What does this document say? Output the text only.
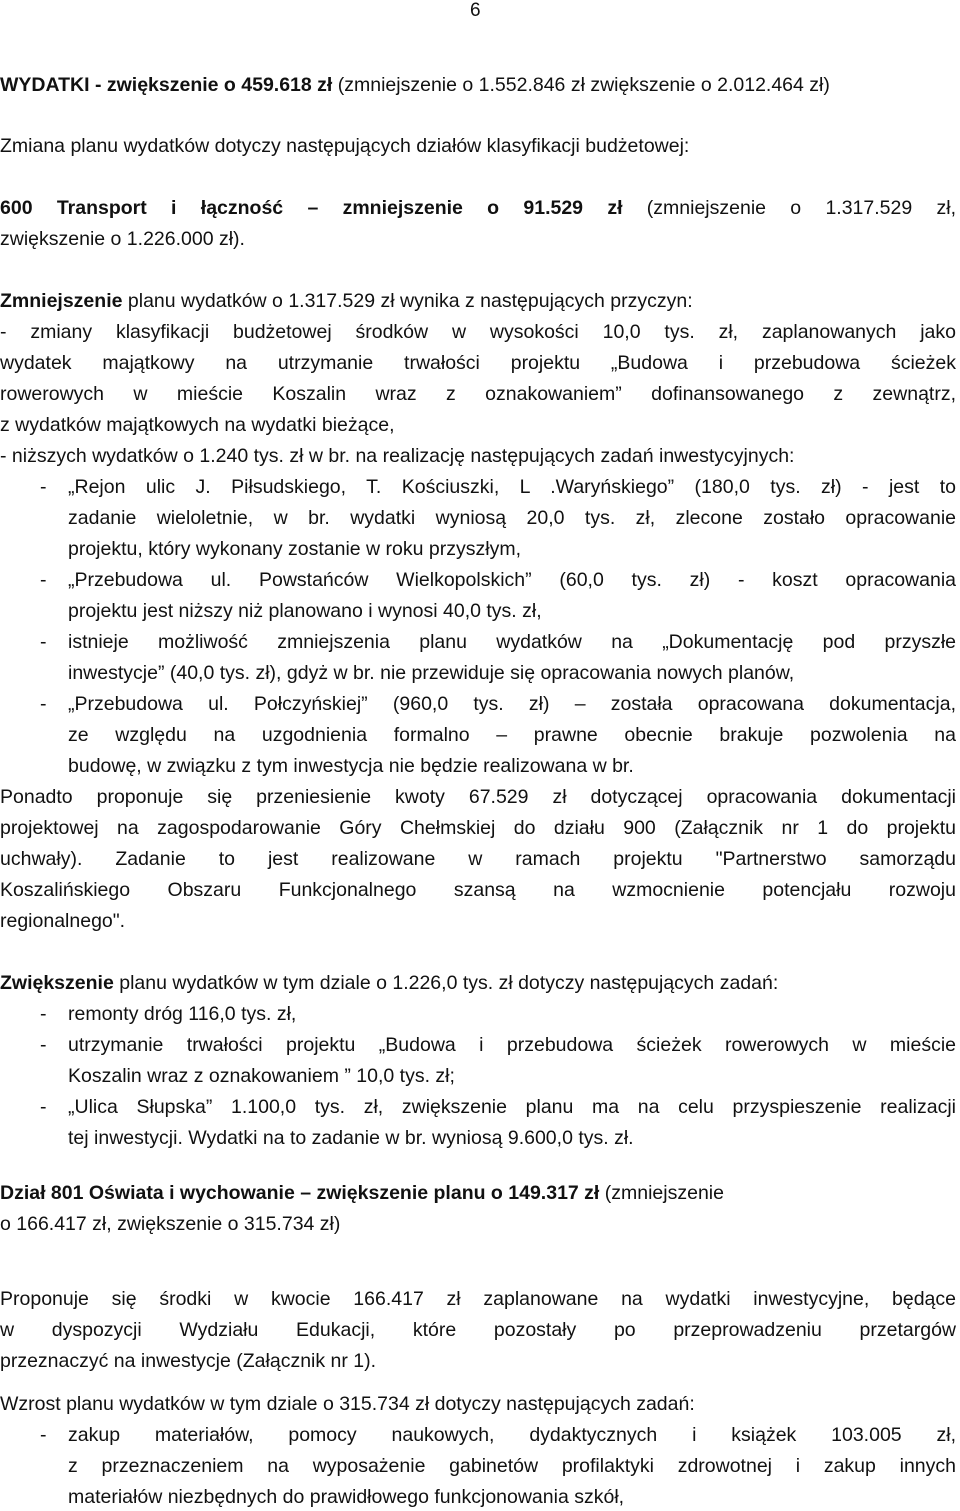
6
WYDATKI - zwiększenie o 459.618 zł (zmniejszenie o 1.552.846 zł zwiększenie o 2.012.464 zł)
Zmiana planu wydatków dotyczy następujących działów klasyfikacji budżetowej:
600 Transport i łączność – zmniejszenie o 91.529 zł (zmniejszenie o 1.317.529 zł,
zwiększenie o 1.226.000 zł).
Zmniejszenie planu wydatków o 1.317.529 zł wynika z następujących przyczyn:
- zmiany klasyfikacji budżetowej środków w wysokości 10,0 tys. zł, zaplanowanych jako
wydatek majątkowy na utrzymanie trwałości projektu „Budowa i przebudowa ścieżek
rowerowych w mieście Koszalin wraz z oznakowaniem” dofinansowanego z zewnątrz,
z wydatków majątkowych na wydatki bieżące,
- niższych wydatków o 1.240 tys. zł w br. na realizację następujących zadań inwestycyjnych:
- „Rejon ulic J. Piłsudskiego, T. Kościuszki, L .Waryńskiego” (180,0 tys. zł) - jest to
zadanie wieloletnie, w br. wydatki wyniosą 20,0 tys. zł, zlecone zostało opracowanie
projektu, który wykonany zostanie w roku przyszłym,
- „Przebudowa ul. Powstańców Wielkopolskich” (60,0 tys. zł) - koszt opracowania
projektu jest niższy niż planowano i wynosi 40,0 tys. zł,
- istnieje możliwość zmniejszenia planu wydatków na „Dokumentację pod przyszłe
inwestycje” (40,0 tys. zł), gdyż w br. nie przewiduje się opracowania nowych planów,
- „Przebudowa ul. Połczyńskiej” (960,0 tys. zł) – została opracowana dokumentacja,
ze względu na uzgodnienia formalno – prawne obecnie brakuje pozwolenia na
budowę, w związku z tym inwestycja nie będzie realizowana w br.
Ponadto proponuje się przeniesienie kwoty 67.529 zł dotyczącej opracowania dokumentacji
projektowej na zagospodarowanie Góry Chełmskiej do działu 900 (Załącznik nr 1 do projektu
uchwały). Zadanie to jest realizowane w ramach projektu "Partnerstwo samorządu
Koszalińskiego Obszaru Funkcjonalnego szansą na wzmocnienie potencjału rozwoju
regionalnego".
Zwiększenie planu wydatków w tym dziale o 1.226,0 tys. zł dotyczy następujących zadań:
- remonty dróg 116,0 tys. zł,
- utrzymanie trwałości projektu „Budowa i przebudowa ścieżek rowerowych w mieście
Koszalin wraz z oznakowaniem ” 10,0 tys. zł;
- „Ulica Słupska” 1.100,0 tys. zł, zwiększenie planu ma na celu przyspieszenie realizacji
tej inwestycji. Wydatki na to zadanie w br. wyniosą 9.600,0 tys. zł.
Dział 801 Oświata i wychowanie – zwiększenie planu o 149.317 zł (zmniejszenie
o 166.417 zł, zwiększenie o 315.734 zł)
Proponuje się środki w kwocie 166.417 zł zaplanowane na wydatki inwestycyjne, będące
w dyspozycji Wydziału Edukacji, które pozostały po przeprowadzeniu przetargów
przeznaczyć na inwestycje (Załącznik nr 1).
Wzrost planu wydatków w tym dziale o 315.734 zł dotyczy następujących zadań:
- zakup materiałów, pomocy naukowych, dydaktycznych i książek 103.005 zł,
z przeznaczeniem na wyposażenie gabinetów profilaktyki zdrowotnej i zakup innych
materiałów niezbędnych do prawidłowego funkcjonowania szkół,
